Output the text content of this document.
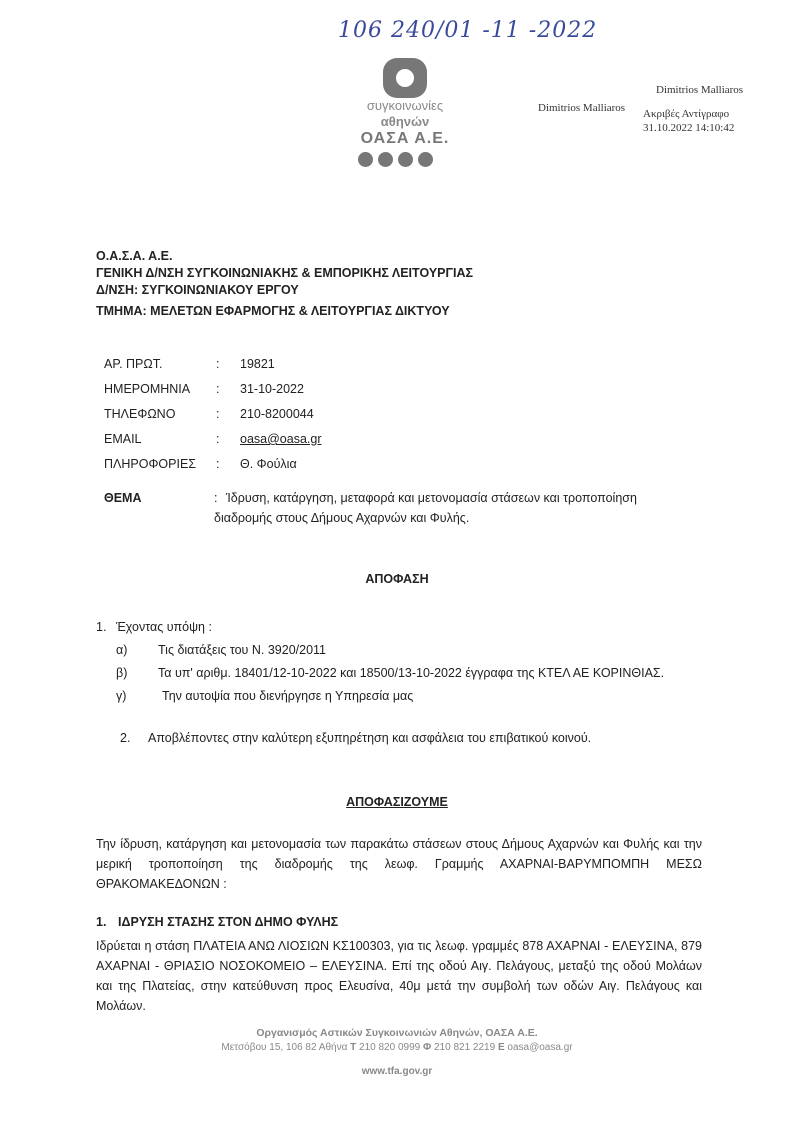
106 240/01 -11 -2022
συγκοινωνίες
αθηνών
ΟΑΣΑ Α.Ε.
Dimitrios Malliaros
Dimitrios Malliaros
Ακριβές Αντίγραφο
31.10.2022 14:10:42
Ο.Α.Σ.Α. Α.Ε.
ΓΕΝΙΚΗ Δ/ΝΣΗ ΣΥΓΚΟΙΝΩΝΙΑΚΗΣ & ΕΜΠΟΡΙΚΗΣ ΛΕΙΤΟΥΡΓΙΑΣ
Δ/ΝΣΗ: ΣΥΓΚΟΙΝΩΝΙΑΚΟΥ ΕΡΓΟΥ
ΤΜΗΜΑ: ΜΕΛΕΤΩΝ ΕΦΑΡΜΟΓΗΣ & ΛΕΙΤΟΥΡΓΙΑΣ ΔΙΚΤΥΟΥ
ΑΡ. ΠΡΩΤ.	:	19821
ΗΜΕΡΟΜΗΝΙΑ	:	31-10-2022
ΤΗΛΕΦΩΝΟ	:	210-8200044
EMAIL	:	oasa@oasa.gr
ΠΛΗΡΟΦΟΡΙΕΣ	:	Θ. Φούλια
ΘΕΜΑ	: Ίδρυση, κατάργηση, μεταφορά και μετονομασία στάσεων και τροποποίηση
διαδρομής στους Δήμους Αχαρνών και Φυλής.
ΑΠΟΦΑΣΗ
1. Έχοντας υπόψη :
α)	Τις διατάξεις του Ν. 3920/2011
β)	Τα υπ' αριθμ. 18401/12-10-2022 και 18500/13-10-2022 έγγραφα της ΚΤΕΛ ΑΕ ΚΟΡΙΝΘΙΑΣ.
γ)	Την αυτοψία που διενήργησε η Υπηρεσία μας
2.	Αποβλέποντες στην καλύτερη εξυπηρέτηση και ασφάλεια του επιβατικού κοινού.
ΑΠΟΦΑΣΙΖΟΥΜΕ
Την ίδρυση, κατάργηση και μετονομασία των παρακάτω στάσεων στους Δήμους Αχαρνών και Φυλής και την μερική τροποποίηση της διαδρομής της λεωφ. Γραμμής ΑΧΑΡΝΑΙ-ΒΑΡΥΜΠΟΜΠΗ ΜΕΣΩ ΘΡΑΚΟΜΑΚΕΔΟΝΩΝ :
1. ΙΔΡΥΣΗ ΣΤΑΣΗΣ ΣΤΟΝ ΔΗΜΟ ΦΥΛΗΣ
Ιδρύεται η στάση ΠΛΑΤΕΙΑ ΑΝΩ ΛΙΟΣΙΩΝ ΚΣ100303, για τις λεωφ. γραμμές 878 ΑΧΑΡΝΑΙ - ΕΛΕΥΣΙΝΑ, 879 ΑΧΑΡΝΑΙ - ΘΡΙΑΣΙΟ ΝΟΣΟΚΟΜΕΙΟ – ΕΛΕΥΣΙΝΑ. Επί της οδού Αιγ. Πελάγους, μεταξύ της οδού Μολάων και της Πλατείας, στην κατεύθυνση προς Ελευσίνα, 40μ μετά την συμβολή των οδών Αιγ. Πελάγους και Μολάων.
Οργανισμός Αστικών Συγκοινωνιών Αθηνών, ΟΑΣΑ Α.Ε.
Μετσόβου 15, 106 82 Αθήνα Τ 210 820 0999 Φ 210 821 2219 Ε oasa@oasa.gr
www.tfa.gov.gr
